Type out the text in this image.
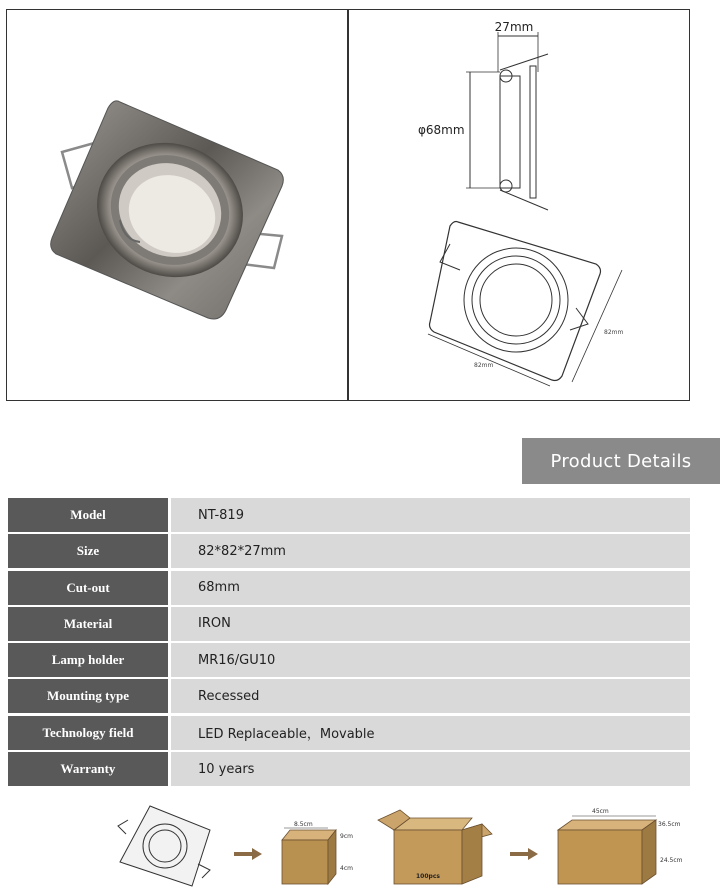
27mm
φ68mm
82mm
82mm
Product Details
Model	NT-819
Size	82*82*27mm
Cut-out	68mm
Material	IRON
Lamp holder	MR16/GU10
Mounting type	Recessed
Technology field	LED Replaceable，Movable
Warranty	10 years
8.5cm
9cm
4cm
100pcs
45cm
36.5cm
24.5cm
